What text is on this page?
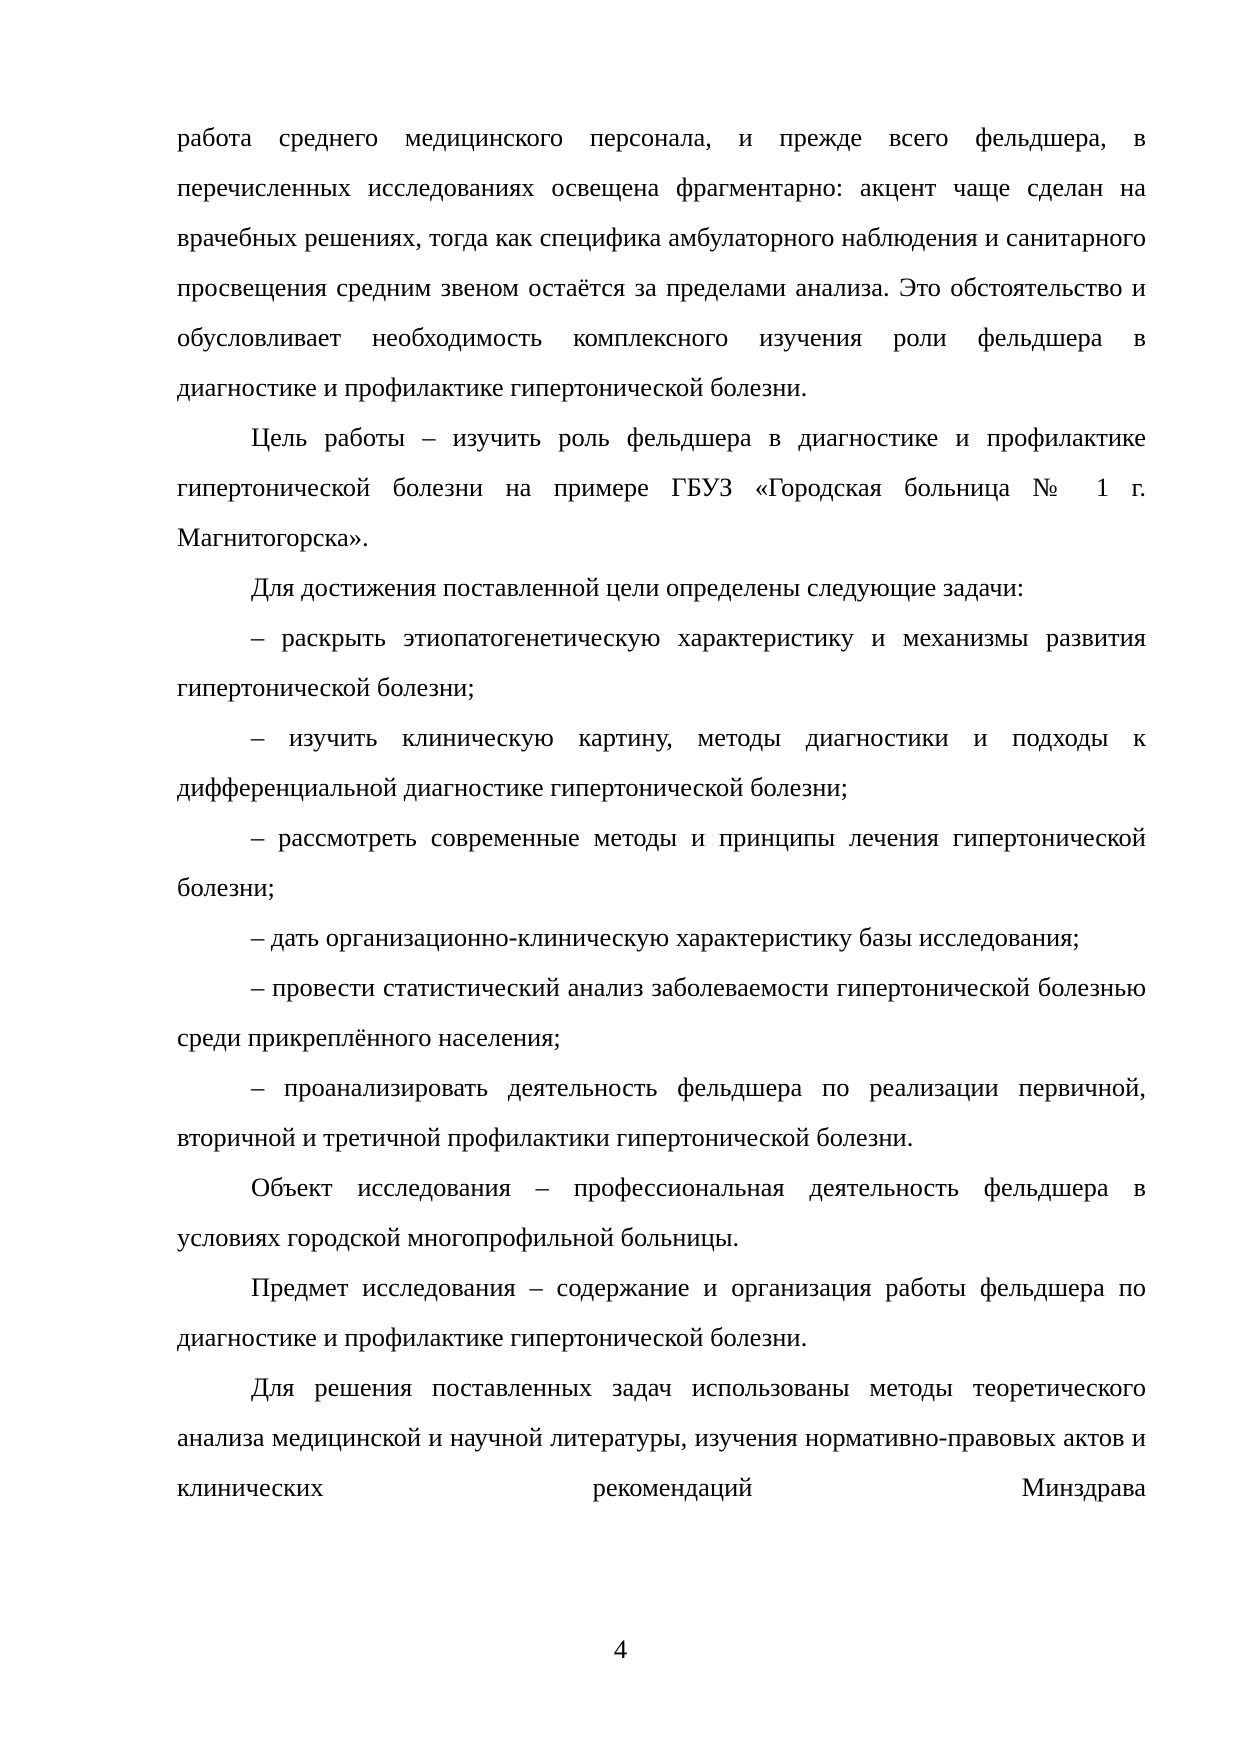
работа среднего медицинского персонала, и прежде всего фельдшера, в перечисленных исследованиях освещена фрагментарно: акцент чаще сделан на врачебных решениях, тогда как специфика амбулаторного наблюдения и санитарного просвещения средним звеном остаётся за пределами анализа. Это обстоятельство и обусловливает необходимость комплексного изучения роли фельдшера в диагностике и профилактике гипертонической болезни.

Цель работы – изучить роль фельдшера в диагностике и профилактике гипертонической болезни на примере ГБУЗ «Городская больница № 1 г. Магнитогорска».

Для достижения поставленной цели определены следующие задачи:

– раскрыть этиопатогенетическую характеристику и механизмы развития гипертонической болезни;

– изучить клиническую картину, методы диагностики и подходы к дифференциальной диагностике гипертонической болезни;

– рассмотреть современные методы и принципы лечения гипертонической болезни;

– дать организационно-клиническую характеристику базы исследования;

– провести статистический анализ заболеваемости гипертонической болезнью среди прикреплённого населения;

– проанализировать деятельность фельдшера по реализации первичной, вторичной и третичной профилактики гипертонической болезни.

Объект исследования – профессиональная деятельность фельдшера в условиях городской многопрофильной больницы.

Предмет исследования – содержание и организация работы фельдшера по диагностике и профилактике гипертонической болезни.

Для решения поставленных задач использованы методы теоретического анализа медицинской и научной литературы, изучения нормативно-правовых актов и клинических рекомендаций Минздрава

4
